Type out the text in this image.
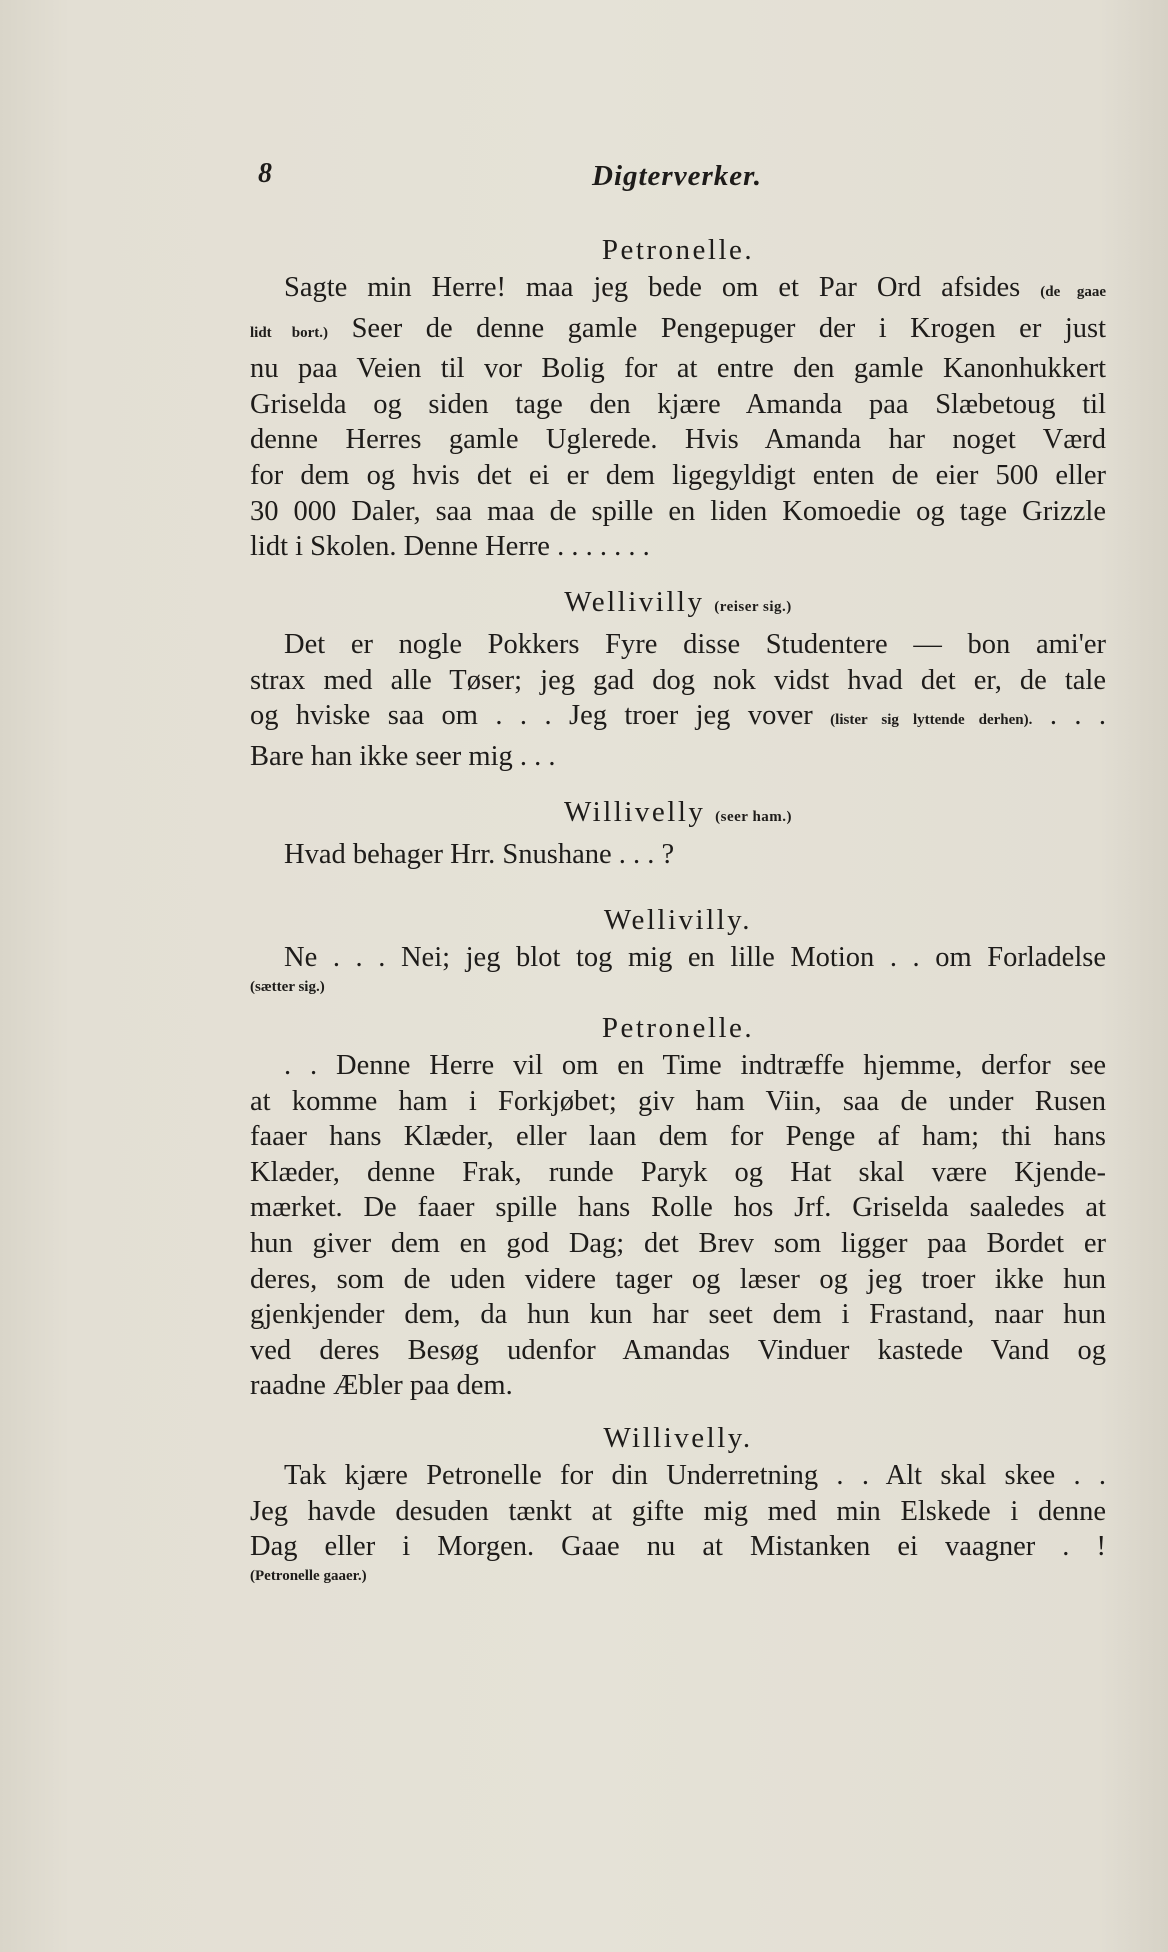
8	Digterverker.
Petronelle.
Sagte min Herre! maa jeg bede om et Par Ord afsides (de gaae
lidt bort.) Seer de denne gamle Pengepuger der i Krogen er just
nu paa Veien til vor Bolig for at entre den gamle Kanonhukkert
Griselda og siden tage den kjære Amanda paa Slæbetoug til
denne Herres gamle Uglerede. Hvis Amanda har noget Værd
for dem og hvis det ei er dem ligegyldigt enten de eier 500 eller
30 000 Daler, saa maa de spille en liden Komoedie og tage Grizzle
lidt i Skolen. Denne Herre . . . . . . .
Wellivilly (reiser sig.)
Det er nogle Pokkers Fyre disse Studentere — bon ami'er
strax med alle Tøser; jeg gad dog nok vidst hvad det er, de tale
og hviske saa om . . . Jeg troer jeg vover (lister sig lyttende derhen). . . .
Bare han ikke seer mig . . .
Willivelly (seer ham.)
Hvad behager Hrr. Snushane . . . ?
Wellivilly.
Ne . . . Nei; jeg blot tog mig en lille Motion . . om Forladelse
(sætter sig.)
Petronelle.
. . Denne Herre vil om en Time indtræffe hjemme, derfor see
at komme ham i Forkjøbet; giv ham Viin, saa de under Rusen
faaer hans Klæder, eller laan dem for Penge af ham; thi hans
Klæder, denne Frak, runde Paryk og Hat skal være Kjende-
mærket. De faaer spille hans Rolle hos Jrf. Griselda saaledes at
hun giver dem en god Dag; det Brev som ligger paa Bordet er
deres, som de uden videre tager og læser og jeg troer ikke hun
gjenkjender dem, da hun kun har seet dem i Frastand, naar hun
ved deres Besøg udenfor Amandas Vinduer kastede Vand og
raadne Æbler paa dem.
Willivelly.
Tak kjære Petronelle for din Underretning . . Alt skal skee . .
Jeg havde desuden tænkt at gifte mig med min Elskede i denne
Dag eller i Morgen. Gaae nu at Mistanken ei vaagner . !
(Petronelle gaaer.)
